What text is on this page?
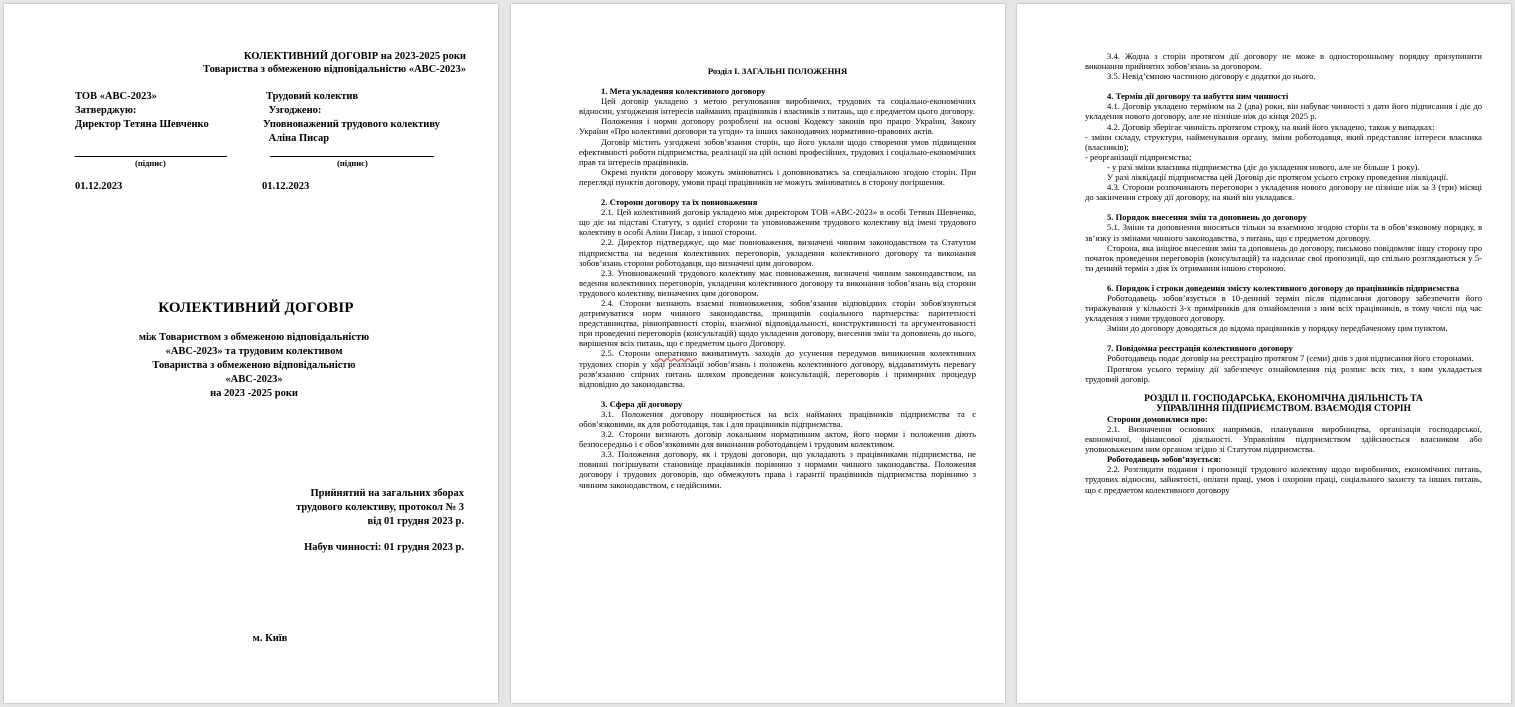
КОЛЕКТИВНИЙ ДОГОВІР на 2023-2025 роки
Товариства з обмеженою відповідальністю «АВС-2023»
ТОВ «АВС-2023»
Затверджую:
Директор Тетяна Шевченко
Трудовий колектив
Узгоджено:
Уповноважений трудового колективу
Аліна Писар
(підпис)	(підпис)
01.12.2023	01.12.2023
КОЛЕКТИВНИЙ ДОГОВІР
між Товариством з обмеженою відповідальністю
«АВС-2023» та трудовим колективом
Товариства з обмеженою відповідальністю
«АВС-2023»
на 2023 -2025 роки
Прийнятий на загальних зборах
трудового колективу, протокол № 3
від 01 грудня 2023 р.
Набув чинності: 01 грудня 2023 р.
м. Київ

Розділ І. ЗАГАЛЬНІ ПОЛОЖЕННЯ

1. Мета укладення колективного договору

Цей договір укладено з метою регулювання виробничих, трудових та соціально-економічних відносин, узгодження інтересів найманих працівників і власників з питань, що є предметом цього договору.

Положення і норми договору розроблені на основі Кодексу законів про працю України, Закону України «Про колективні договори та угоди» та інших законодавчих нормативно-правових актів.

Договір містить узгоджені зобов’язання сторін, що його уклали щодо створення умов підвищення ефективності роботи підприємства, реалізації на цій основі професійних, трудових і соціально-економічних прав та інтересів працівників.

Окремі пункти договору можуть змінюватись і доповнюватись за спеціальною згодою сторін. При перегляді пунктів договору, умови праці працівників не можуть змінюватись в сторону погіршення.

2. Сторони договору та їх повноваження

2.1. Цей колективний договір укладено між директором ТОВ «АВС-2023» в особі Тетяни Шевченко, що діє на підставі Статуту, з однієї сторони та уповноваженим трудового колективу від імені трудового колективу в особі Аліни Писар, з іншої сторони.

2.2. Директор підтверджує, що має повноваження, визначені чинним законодавством та Статутом підприємства на ведення колективних переговорів, укладення колективного договору та виконання зобов’язань сторони роботодавця, що визначені цим договором.

2.3. Уповноважений трудового колективу має повноваження, визначені чинним законодавством, на ведення колективних переговорів, укладення колективного договору та виконання зобов’язань від сторони трудового колективу, визначених цим договором.

2.4. Сторони визнають взаємні повноваження, зобов’язання відповідних сторін зобов'язуються дотримуватися норм чинного законодавства, принципів соціального партнерства: паритетності представництва, рівноправності сторін, взаємної відповідальності, конструктивності та аргументованості при проведенні переговорів (консультацій) щодо укладення договору, внесення змін та доповнень до нього, вирішення всіх питань, що є предметом цього Договору.

2.5. Сторони оперативно вживатимуть заходів до усунення передумов виникнення колективних трудових спорів у ході реалізації зобов’язань і положень колективного договору, віддаватимуть перевагу розв’язанню спірних питань шляхом проведення консультацій, переговорів і примирних процедур відповідно до законодавства.

3. Сфера дії договору

3.1. Положення договору поширюється на всіх найманих працівників підприємства та є обов’язковими, як для роботодавця, так і для працівників підприємства.

3.2. Сторони визнають договір локальним нормативним актом, його норми і положення діють безпосередньо і є обов’язковими для виконання роботодавцем і трудовим колективом.

3.3. Положення договору, як і трудові договори, що укладають з працівниками підприємства, не повинні погіршувати становище працівників порівняно з нормами чинного законодавства. Положення договору і трудових договорів, що обмежують права і гарантії працівників підприємства порівняно з чинним законодавством, є недійсними.

3.4. Жодна з сторін протягом дії договору не може в односторонньому порядку призупинити виконання прийнятих зобов’язань за договором.

3.5. Невід’ємною частиною договору є додатки до нього.

4. Термін дії договору та набуття ним чинності

4.1. Договір укладено терміном на 2 (два) роки, він набуває чинності з дати його підписання і діє до укладення нового договору, але не пізніше ніж до кінця 2025 р.

4.2. Договір зберігає чинність протягом строку, на який його укладено, також у випадках:

- зміни складу, структури, найменування органу, зміни роботодавця, який представляє інтереси власника (власників);

- реорганізації підприємства;

- у разі зміни власника підприємства (діє до укладення нового, але не більше 1 року).

У разі ліквідації підприємства цей Договір діє протягом усього строку проведення ліквідації.

4.3. Сторони розпочинають переговори з укладення нового договору не пізніше ніж за 3 (три) місяці до закінчення строку дії договору, на який він укладався.

5. Порядок внесення змін та доповнень до договору

5.1. Зміни та доповнення вносяться тільки за взаємною згодою сторін та в обов’язковому порядку, в зв’язку із змінами чинного законодавства, з питань, що є предметом договору.

Сторона, яка ініціює внесення змін та доповнень до договору, письмово повідомляє іншу сторону про початок проведення переговорів (консультацій) та надсилає свої пропозиції, що спільно розглядаються у 5-ти денний термін з дня їх отримання іншою стороною.

6. Порядок і строки доведення змісту колективного договору до працівників підприємства

Роботодавець зобов’язується в 10-денний термін після підписання договору забезпечити його тиражування у кількості 3-х примірників для ознайомлення з ним всіх працівників, в тому числі під час укладення з ними трудового договору.

Зміни до договору доводяться до відома працівників у порядку передбаченому цим пунктом.

7. Повідомна реєстрація колективного договору

Роботодавець подає договір на реєстрацію протягом 7 (семи) днів з дня підписання його сторонами.

Протягом усього терміну дії забезпечує ознайомлення під розпис всіх тих, з ким укладається трудовий договір.

РОЗДІЛ ІІ. ГОСПОДАРСЬКА, ЕКОНОМІЧНА ДІЯЛЬНІСТЬ ТА

УПРАВЛІННЯ ПІДПРИЄМСТВОМ. ВЗАЄМОДІЯ СТОРІН

Сторони домовилися про:

2.1. Визначення основних напрямків, планування виробництва, організація господарської, економічної, фінансової діяльності. Управління підприємством здійснюється власником або уповноваженим ним органом згідно зі Статутом підприємства.

Роботодавець зобов’язується:

2.2. Розглядати подання і пропозиції трудового колективу щодо виробничих, економічних питань, трудових відносин, зайнятості, оплати праці, умов і охорони праці, соціального захисту та інших питань, що є предметом колективного договору
